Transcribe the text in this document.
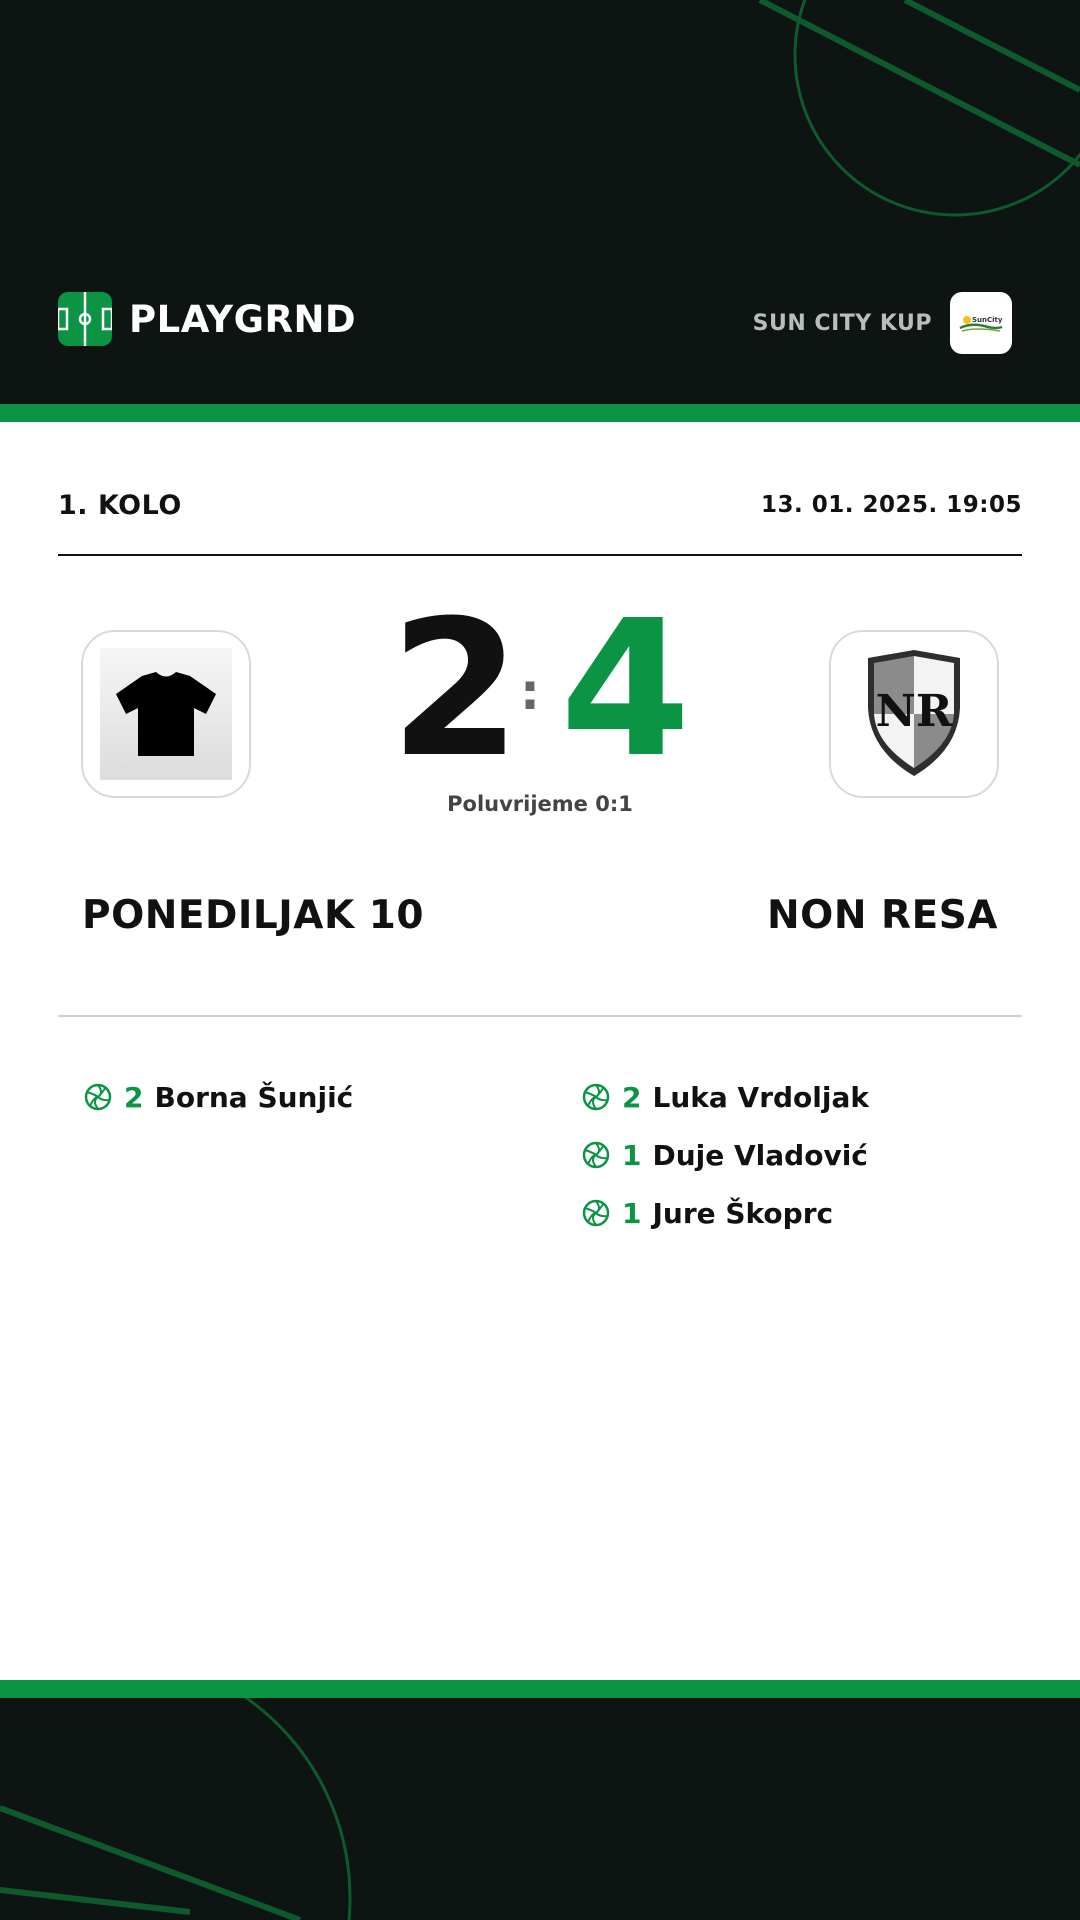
PLAYGRND	SUN CITY KUP	SunCity
1. KOLO	13. 01. 2025. 19:05
2 : 4
Poluvrijeme 0:1
NR
PONEDILJAK 10	NON RESA
2 Borna Šunjić	2 Luka Vrdoljak
1 Duje Vladović
1 Jure Škoprc
